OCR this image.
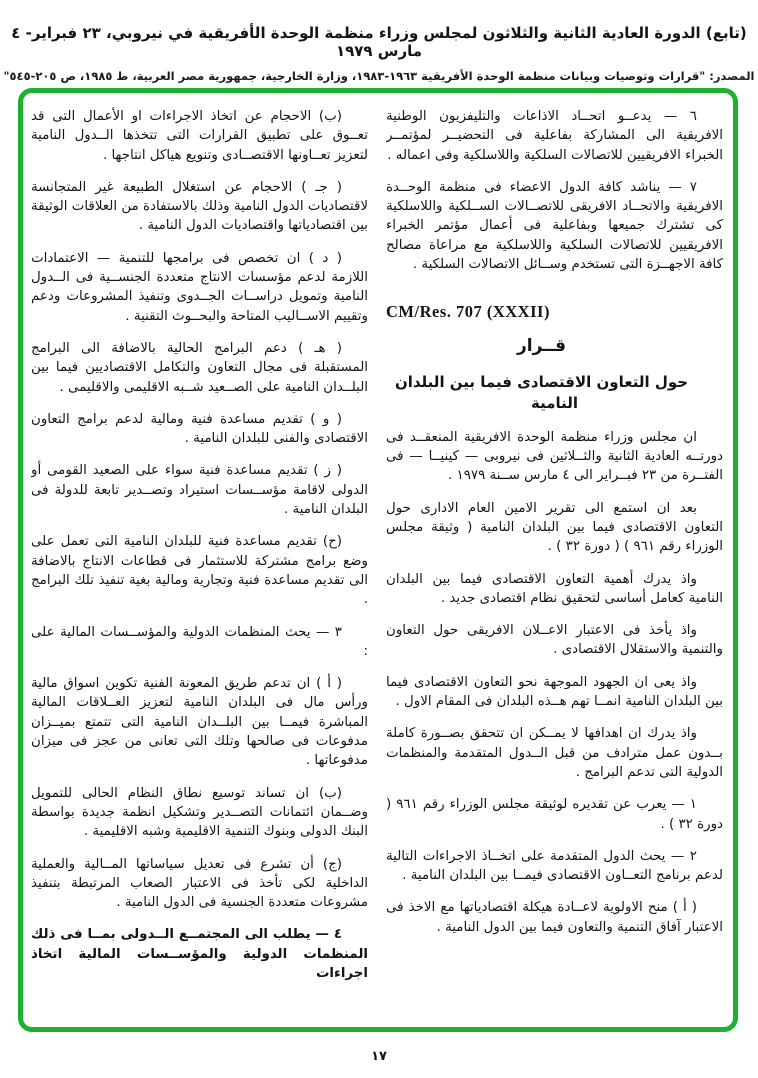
(تابع) الدورة العادية الثانية والثلاثون لمجلس وزراء منظمة الوحدة الأفريقية في نيروبي، ٢٣ فبراير- ٤ مارس ١٩٧٩
المصدر: "قرارات وتوصيات وبيانات منظمة الوحدة الأفريقية ١٩٦٣-١٩٨٣، وزارة الخارجية، جمهورية مصر العربية، ط ١٩٨٥، ص ٢٠٥-٥٤٥"

٦ — يدعــو اتحــاد الاذاعات والتليفزيون الوطنية الافريقية الى المشاركة بفاعلية فى التحضيــر لمؤتمــر الخبراء الافريقيين للاتصالات السلكية واللاسلكية وفى اعماله .

٧ — يناشد كافة الدول الاعضاء فى منظمة الوحــدة الافريقية والاتحــاد الافريقى للاتصــالات الســلكية واللاسلكية كى تشترك جميعها وبفاعلية فى أعمال مؤتمر الخبراء الافريقيين للاتصالات السلكية واللاسلكية مع مراعاة مصالح كافة الاجهــزة التى تستخدم وســائل الاتصالات السلكية .

CM/Res. 707 (XXXII)

قــرار

حول التعاون الاقتصادى فيما بين البلدان النامية

ان مجلس وزراء منظمة الوحدة الافريقية المنعقــد فى دورتــه العادية الثانية والثــلاثين فى نيروبى — كينيــا — فى الفتــرة من ٢٣ فبــراير الى ٤ مارس ســنة ١٩٧٩ .

بعد ان استمع الى تقرير الامين العام الادارى حول التعاون الاقتصادى فيما بين البلدان النامية ( وثيقة مجلس الوزراء رقم ٩٦١ ) ( دورة ٣٢ ) .

واذ يدرك أهمية التعاون الاقتصادى فيما بين البلدان النامية كعامل أساسى لتحقيق نظام اقتصادى جديد .

واذ يأخذ فى الاعتبار الاعــلان الافريقى حول التعاون والتنمية والاستقلال الاقتصادى .

واذ يعى ان الجهود الموجهة نحو التعاون الاقتصادى فيما بين البلدان النامية انمــا تهم هــذه البلدان فى المقام الاول .

واذ يدرك ان اهدافها لا يمــكن ان تتحقق بصــورة كاملة بــدون عمل مترادف من قبل الــدول المتقدمة والمنظمات الدولية التى تدعم البرامج .

١ — يعرب عن تقديره لوثيقة مجلس الوزراء رقم ٩٦١ ( دورة ٣٢ ) .

٢ — يحث الدول المتقدمة على اتخــاذ الاجراءات التالية لدعم برنامج التعــاون الاقتصادى فيمــا بين البلدان النامية .

( أ ) منح الاولوية لاعــادة هيكلة اقتصادياتها مع الاخذ فى الاعتبار آفاق التنمية والتعاون فيما بين الدول النامية .

(ب) الاحجام عن اتخاذ الاجراءات او الأعمال التى قد تعــوق على تطبيق القرارات التى تتخذها الــدول النامية لتعزيز تعــاونها الاقتصــادى وتنويع هياكل انتاجها .

( جـ ) الاحجام عن استغلال الطبيعة غير المتجانسة لاقتصاديات الدول النامية وذلك بالاستفادة من العلاقات الوثيقة بين اقتصادياتها واقتصاديات الدول النامية .

( د ) ان تخصص فى برامجها للتنمية — الاعتمادات اللازمة لدعم مؤسسات الانتاج متعددة الجنســية فى الــدول النامية وتمويل دراســات الجــدوى وتنفيذ المشروعات ودعم وتقييم الاســاليب المتاحة والبحــوث التقنية .

( هـ ) دعم البرامج الحالية بالاضافة الى البرامج المستقبلة فى مجال التعاون والتكامل الاقتصاديين فيما بين البلــدان النامية على الصــعيد شــبه الاقليمى والاقليمى .

( و ) تقديم مساعدة فنية ومالية لدعم برامج التعاون الاقتصادى والفنى للبلدان النامية .

( ز ) تقديم مساعدة فنية سواء على الصعيد القومى أو الدولى لاقامة مؤســسات استيراد وتصــدير تابعة للدولة فى البلدان النامية .

(ح) تقديم مساعدة فنية للبلدان النامية التى تعمل على وضع برامج مشتركة للاستثمار فى قطاعات الانتاج بالاضافة الى تقديم مساعدة فنية وتجارية ومالية بغية تنفيذ تلك البرامج .

٣ — يحث المنظمات الدولية والمؤســسات المالية على :

( أ ) ان تدعم طريق المعونة الفنية تكوين اسواق مالية ورأس مال فى البلدان النامية لتعزيز العــلاقات المالية المباشرة فيمــا بين البلــدان النامية التى تتمتع بميــزان مدفوعات فى صالحها وتلك التى تعانى من عجز فى ميزان مدفوعاتها .

(ب) ان تساند توسيع نطاق النظام الحالى للتمويل وضــمان ائتمانات التصــدير وتشكيل انظمة جديدة بواسطة البنك الدولى وبنوك التنمية الاقليمية وشبه الاقليمية .

(ج) أن تشرع فى تعديل سياساتها المــالية والعملية الداخلية لكى تأخذ فى الاعتبار الصعاب المرتبطة بتنفيذ مشروعات متعددة الجنسية فى الدول النامية .

٤ — يطلب الى المجتمــع الــدولى بمــا فى ذلك المنظمات الدولية والمؤســسات المالية اتخاذ اجراءات

١٧
